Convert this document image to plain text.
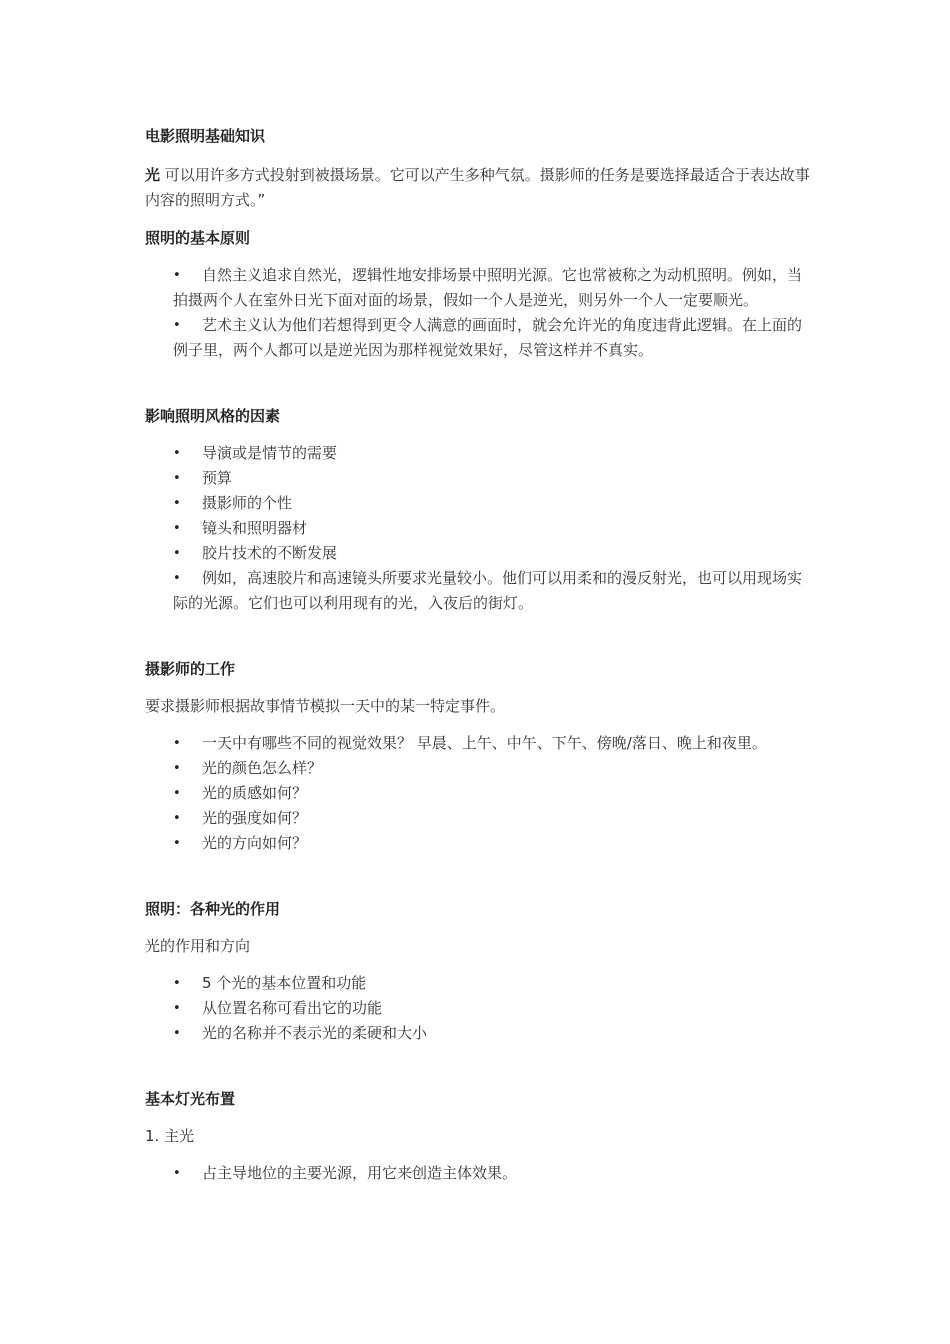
电影照明基础知识

光 可以用许多方式投射到被摄场景。它可以产生多种气氛。摄影师的任务是要选择最适合于表达故事内容的照明方式。”

照明的基本原则

• 自然主义追求自然光，逻辑性地安排场景中照明光源。它也常被称之为动机照明。例如，当拍摄两个人在室外日光下面对面的场景，假如一个人是逆光，则另外一个人一定要顺光。
• 艺术主义认为他们若想得到更令人满意的画面时，就会允许光的角度违背此逻辑。在上面的例子里，两个人都可以是逆光因为那样视觉效果好，尽管这样并不真实。

影响照明风格的因素

• 导演或是情节的需要
• 预算
• 摄影师的个性
• 镜头和照明器材
• 胶片技术的不断发展
• 例如，高速胶片和高速镜头所要求光量较小。他们可以用柔和的漫反射光，也可以用现场实际的光源。它们也可以利用现有的光，入夜后的街灯。

摄影师的工作

要求摄影师根据故事情节模拟一天中的某一特定事件。

• 一天中有哪些不同的视觉效果？ 早晨、上午、中午、下午、傍晚/落日、晚上和夜里。
• 光的颜色怎么样？
• 光的质感如何？
• 光的强度如何？
• 光的方向如何？

照明：各种光的作用

光的作用和方向

• 5 个光的基本位置和功能
• 从位置名称可看出它的功能
• 光的名称并不表示光的柔硬和大小

基本灯光布置

1. 主光

• 占主导地位的主要光源，用它来创造主体效果。
